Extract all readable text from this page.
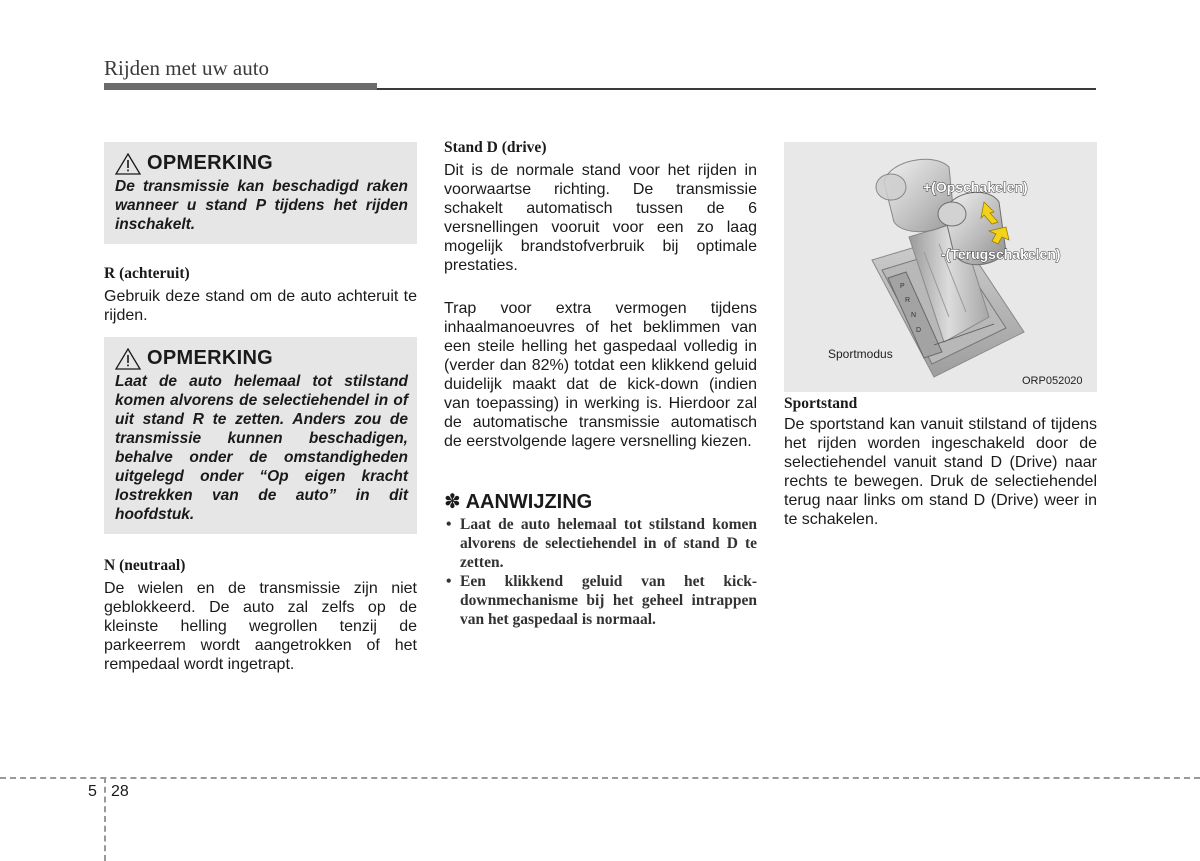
Rijden met uw auto
OPMERKING
De transmissie kan beschadigd raken wanneer u stand P tijdens het rijden inschakelt.
R (achteruit)
Gebruik deze stand om de auto achteruit te rijden.
OPMERKING
Laat de auto helemaal tot stilstand komen alvorens de selectiehendel in of uit stand R te zetten. Anders zou de transmissie kunnen beschadigen, behalve onder de omstandigheden uitgelegd onder “Op eigen kracht lostrekken van de auto” in dit hoofdstuk.
N (neutraal)
De wielen en de transmissie zijn niet geblokkeerd. De auto zal zelfs op de kleinste helling wegrollen tenzij de parkeerrem wordt aangetrokken of het rempedaal wordt ingetrapt.
Stand D (drive)
Dit is de normale stand voor het rijden in voorwaartse richting. De transmissie schakelt automatisch tussen de 6 versnellingen vooruit voor een zo laag mogelijk brandstofverbruik bij optimale prestaties.
Trap voor extra vermogen tijdens inhaalmanoeuvres of het beklimmen van een steile helling het gaspedaal volledig in (verder dan 82%) totdat een klikkend geluid duidelijk maakt dat de kick-down (indien van toepassing) in werking is. Hierdoor zal de automatische transmissie automatisch de eerstvolgende lagere versnelling kiezen.
✽ AANWIJZING
• Laat de auto helemaal tot stilstand komen alvorens de selectiehendel in of stand D te zetten.
• Een klikkend geluid van het kick-downmechanisme bij het geheel intrappen van het gaspedaal is normaal.
P
R
N
D
+(Opschakelen)
-(Terugschakelen)
Sportmodus
ORP052020
Sportstand
De sportstand kan vanuit stilstand of tijdens het rijden worden ingeschakeld door de selectiehendel vanuit stand D (Drive) naar rechts te bewegen. Druk de selectiehendel terug naar links om stand D (Drive) weer in te schakelen.
5 28
